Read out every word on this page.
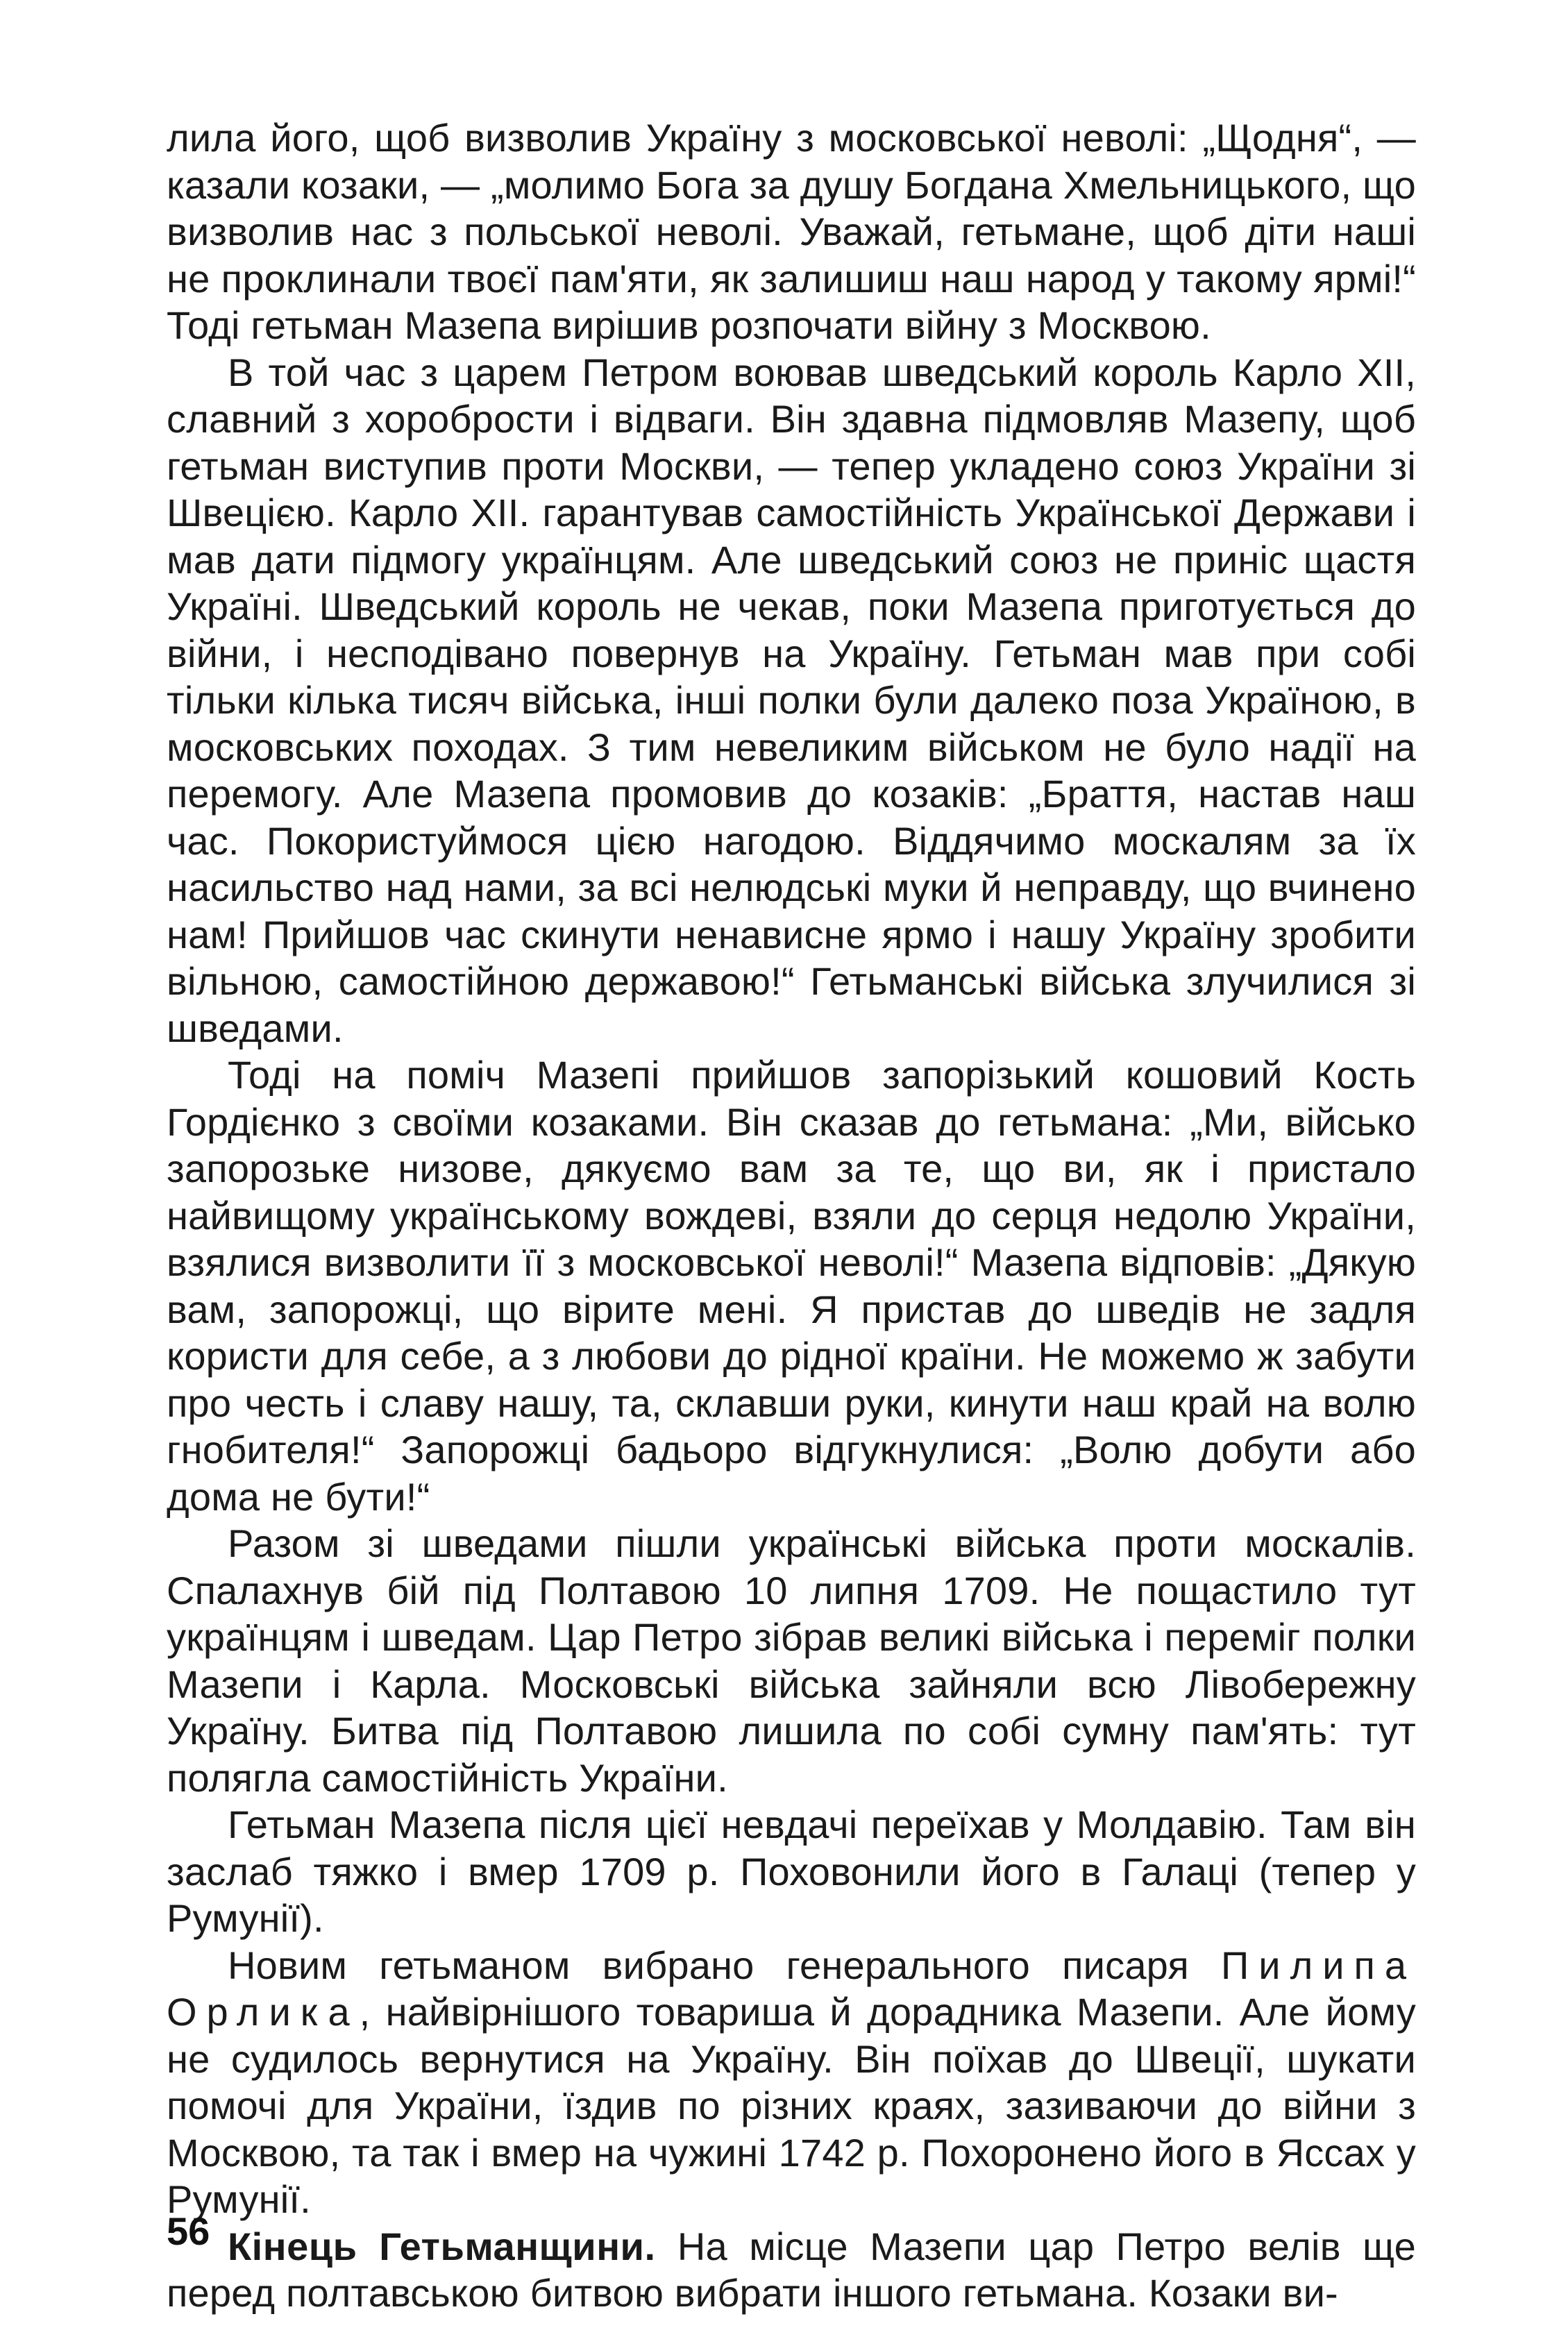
лила його, щоб визволив Україну з московської неволі: „Щодня“, — казали козаки, — „молимо Бога за душу Богдана Хмельницького, що визволив нас з польської неволі. Уважай, гетьмане, щоб діти наші не проклинали твоєї пам'яти, як залишиш наш народ у такому ярмі!“ Тоді гетьман Мазепа вирішив розпочати війну з Москвою.

В той час з царем Петром воював шведський король Карло XII, славний з хоробрости і відваги. Він здавна підмовляв Мазепу, щоб гетьман виступив проти Москви, — тепер укладено союз України зі Швецією. Карло XII. гарантував самостійність Української Держави і мав дати підмогу українцям. Але шведський союз не приніс щастя Україні. Шведський король не чекав, поки Мазепа приготується до війни, і несподівано повернув на Україну. Гетьман мав при собі тільки кілька тисяч війська, інші полки були далеко поза Україною, в московських походах. З тим невеликим військом не було надії на перемогу. Але Мазепа промовив до козаків: „Браття, настав наш час. Покористуймося цією нагодою. Віддячимо москалям за їх насильство над нами, за всі нелюдські муки й неправду, що вчинено нам! Прийшов час скинути ненависне ярмо і нашу Україну зробити вільною, самостійною державою!“ Гетьманські війська злучилися зі шведами.

Тоді на поміч Мазепі прийшов запорізький кошовий Кость Гордієнко з своїми козаками. Він сказав до гетьмана: „Ми, військо запорозьке низове, дякуємо вам за те, що ви, як і пристало найвищому українському вождеві, взяли до серця недолю України, взялися визволити її з московської неволі!“ Мазепа відповів: „Дякую вам, запорожці, що вірите мені. Я пристав до шведів не задля користи для себе, а з любови до рідної країни. Не можемо ж забути про честь і славу нашу, та, склавши руки, кинути наш край на волю гнобителя!“ Запорожці бадьоро відгукнулися: „Волю добути або дома не бути!“

Разом зі шведами пішли українські війська проти москалів. Спалахнув бій під Полтавою 10 липня 1709. Не пощастило тут українцям і шведам. Цар Петро зібрав великі війська і переміг полки Мазепи і Карла. Московські війська зайняли всю Лівобережну Україну. Битва під Полтавою лишила по собі сумну пам'ять: тут полягла самостійність України.

Гетьман Мазепа після цієї невдачі переїхав у Молдавію. Там він заслаб тяжко і вмер 1709 р. Поховонили його в Галаці (тепер у Румунії).

Новим гетьманом вибрано генерального писаря Пилипа Орлика, найвірнішого товариша й дорадника Мазепи. Але йому не судилось вернутися на Україну. Він поїхав до Швеції, шукати помочі для України, їздив по різних краях, зазиваючи до війни з Москвою, та так і вмер на чужині 1742 р. Похоронено його в Яссах у Румунії.

Кінець Гетьманщини. На місце Мазепи цар Петро велів ще перед полтавською битвою вибрати іншого гетьмана. Козаки ви-

56
